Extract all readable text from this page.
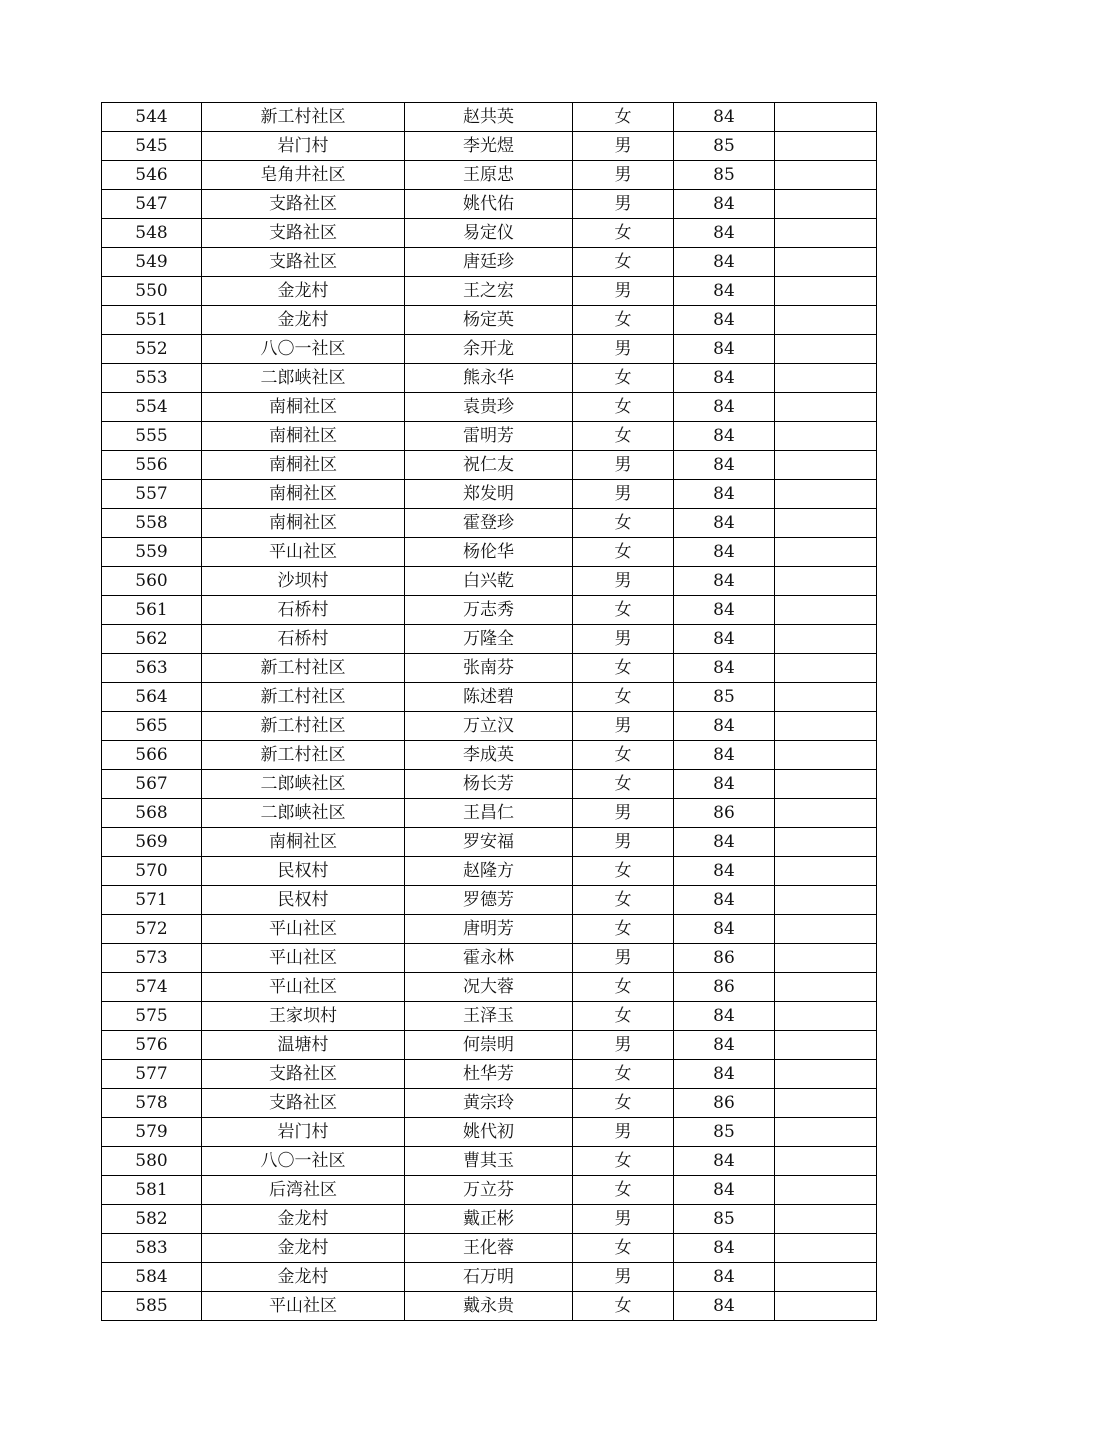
544	新工村社区	赵共英	女	84	
545	岩门村	李光煜	男	85	
546	皂角井社区	王原忠	男	85	
547	支路社区	姚代佑	男	84	
548	支路社区	易定仪	女	84	
549	支路社区	唐廷珍	女	84	
550	金龙村	王之宏	男	84	
551	金龙村	杨定英	女	84	
552	八〇一社区	余开龙	男	84	
553	二郎峡社区	熊永华	女	84	
554	南桐社区	袁贵珍	女	84	
555	南桐社区	雷明芳	女	84	
556	南桐社区	祝仁友	男	84	
557	南桐社区	郑发明	男	84	
558	南桐社区	霍登珍	女	84	
559	平山社区	杨伦华	女	84	
560	沙坝村	白兴乾	男	84	
561	石桥村	万志秀	女	84	
562	石桥村	万隆全	男	84	
563	新工村社区	张南芬	女	84	
564	新工村社区	陈述碧	女	85	
565	新工村社区	万立汉	男	84	
566	新工村社区	李成英	女	84	
567	二郎峡社区	杨长芳	女	84	
568	二郎峡社区	王昌仁	男	86	
569	南桐社区	罗安福	男	84	
570	民权村	赵隆方	女	84	
571	民权村	罗德芳	女	84	
572	平山社区	唐明芳	女	84	
573	平山社区	霍永林	男	86	
574	平山社区	况大蓉	女	86	
575	王家坝村	王泽玉	女	84	
576	温塘村	何崇明	男	84	
577	支路社区	杜华芳	女	84	
578	支路社区	黄宗玲	女	86	
579	岩门村	姚代初	男	85	
580	八〇一社区	曹其玉	女	84	
581	后湾社区	万立芬	女	84	
582	金龙村	戴正彬	男	85	
583	金龙村	王化蓉	女	84	
584	金龙村	石万明	男	84	
585	平山社区	戴永贵	女	84	
